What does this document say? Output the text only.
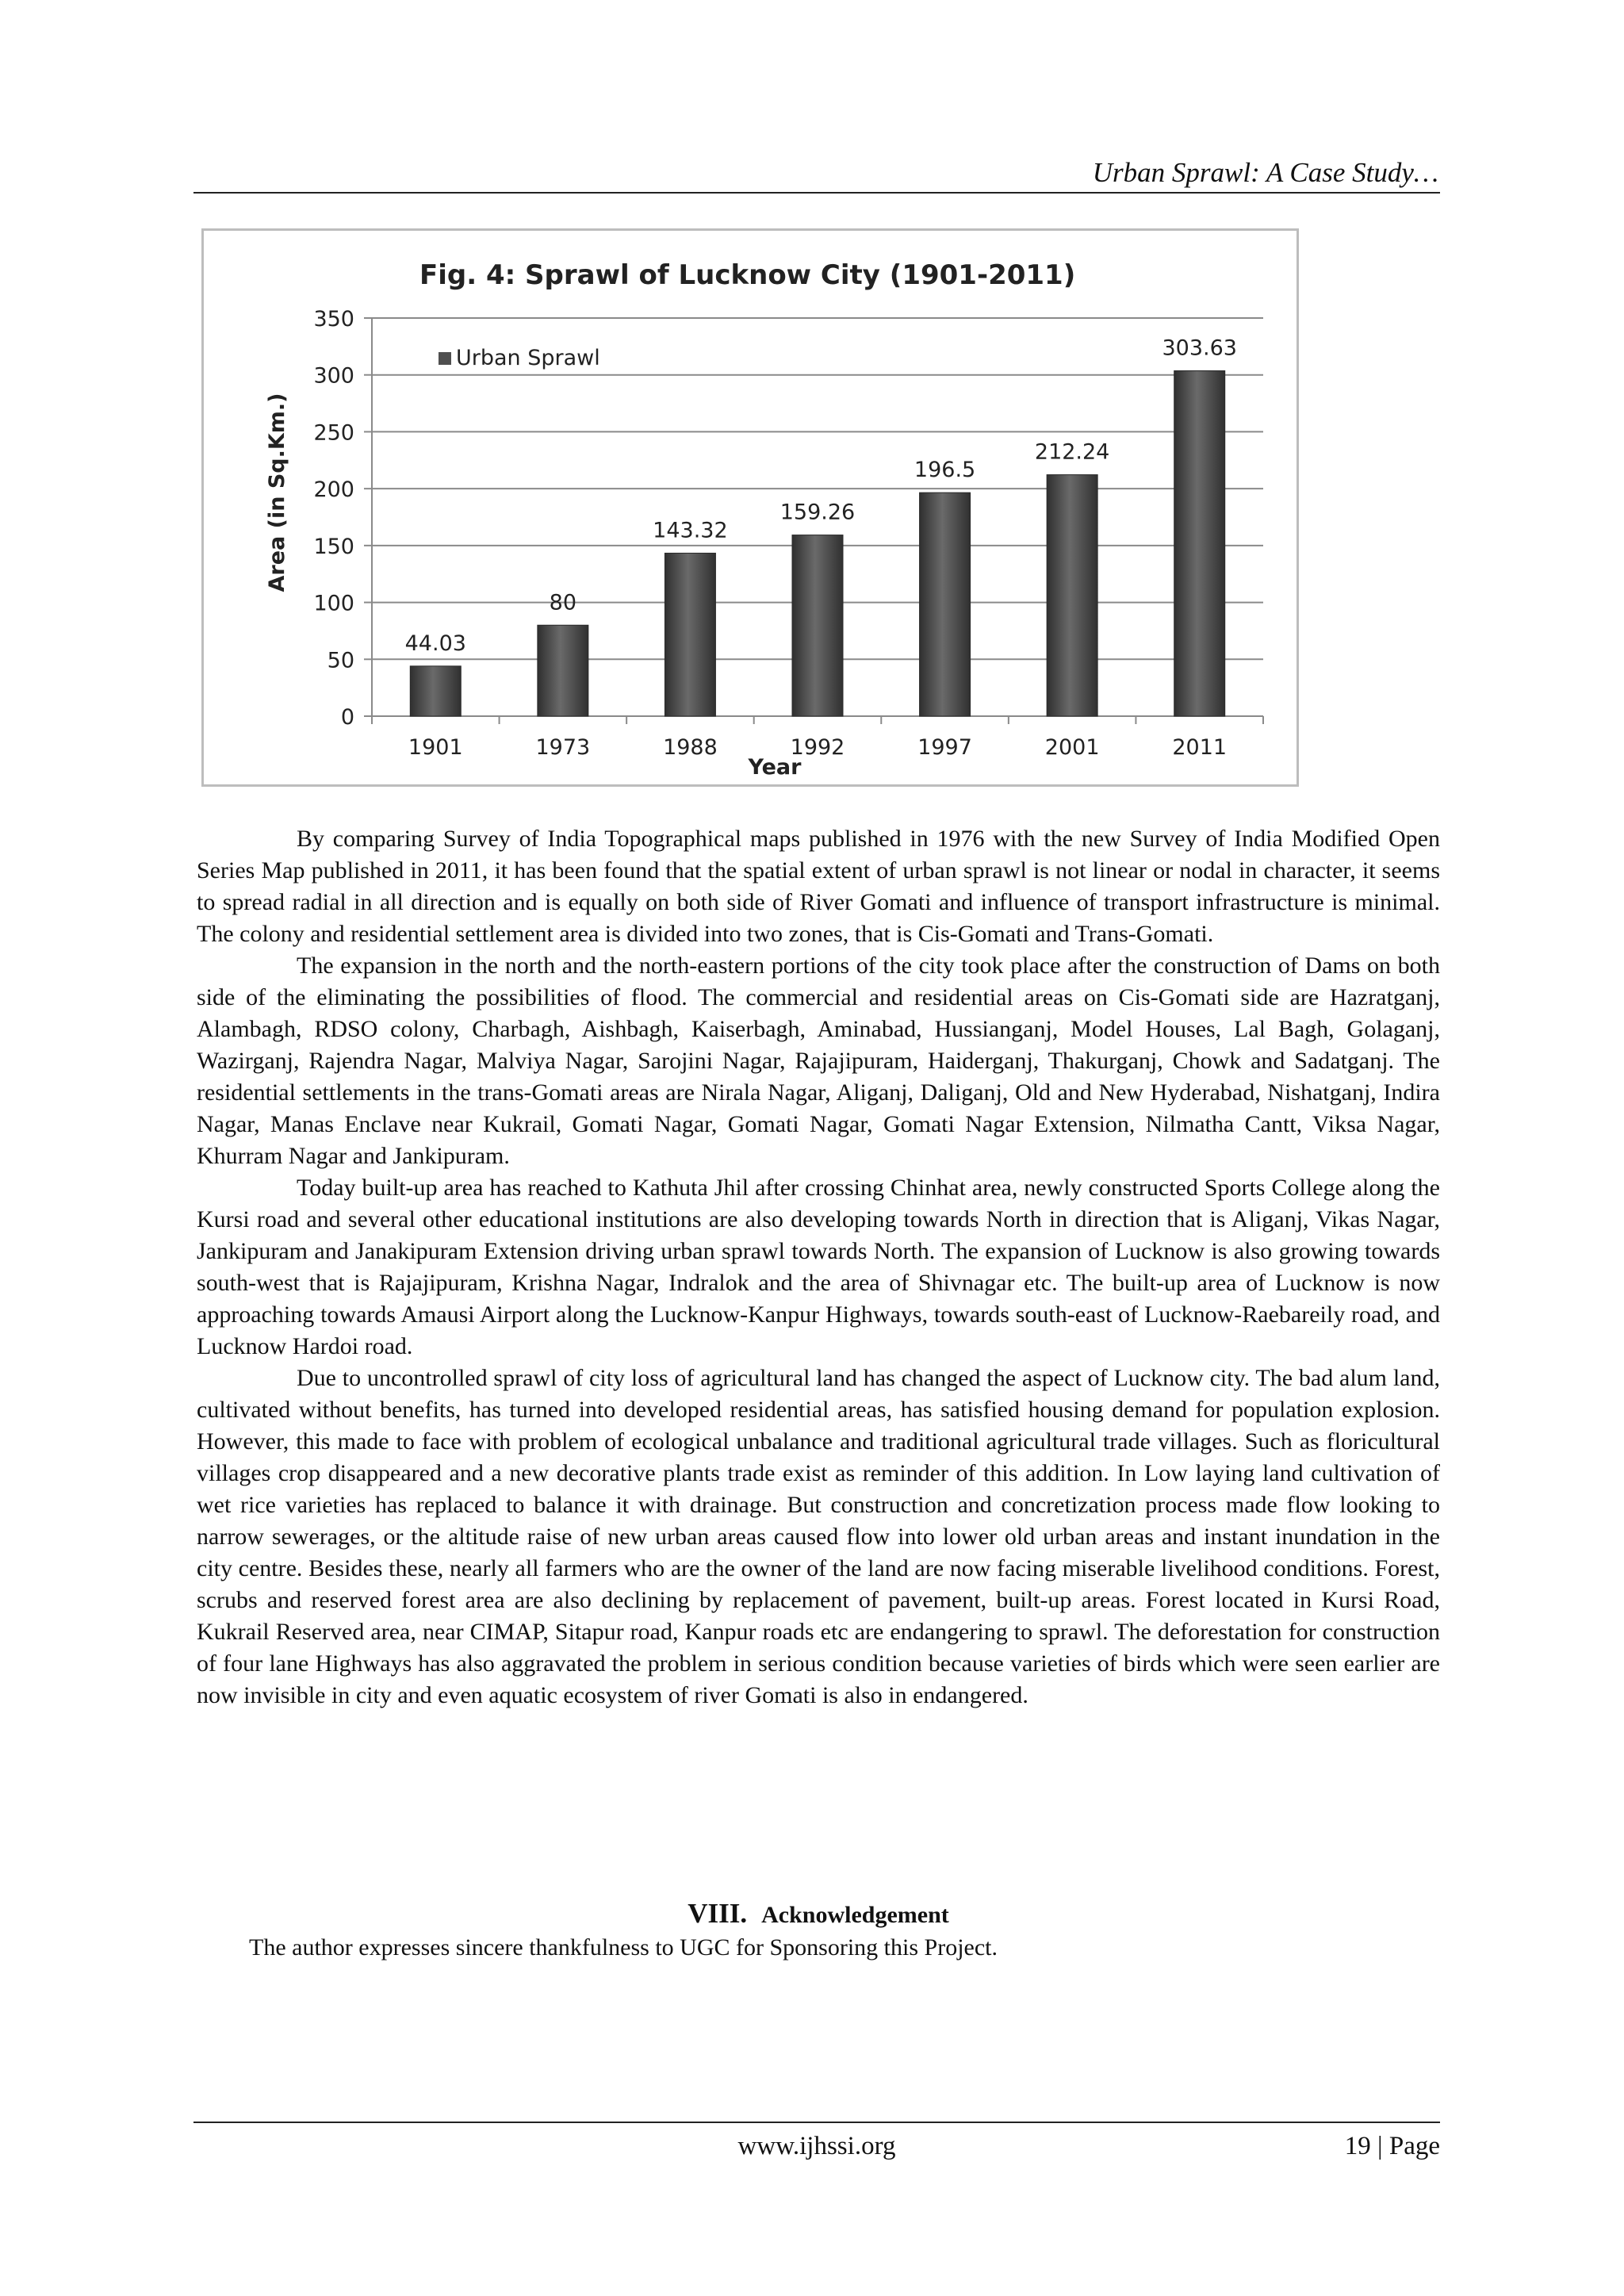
Urban Sprawl: A Case Study…
0
50
100
150
200
250
300
350
44.03
1901
80
1973
143.32
1988
159.26
1992
196.5
1997
212.24
2001
303.63
2011
Fig. 4: Sprawl of Lucknow City (1901-2011)
Urban Sprawl
Area (in Sq.Km.)
Year

By comparing Survey of India Topographical maps published in 1976 with the new Survey of India Modified Open Series Map published in 2011, it has been found that the spatial extent of urban sprawl is not linear or nodal in character, it seems to spread radial in all direction and is equally on both side of River Gomati and influence of transport infrastructure is minimal. The colony and residential settlement area is divided into two zones, that is Cis-Gomati and Trans-Gomati.

The expansion in the north and the north-eastern portions of the city took place after the construction of Dams on both side of the eliminating the possibilities of flood. The commercial and residential areas on Cis-Gomati side are Hazratganj, Alambagh, RDSO colony, Charbagh, Aishbagh, Kaiserbagh, Aminabad, Hussianganj, Model Houses, Lal Bagh, Golaganj, Wazirganj, Rajendra Nagar, Malviya Nagar, Sarojini Nagar, Rajajipuram, Haiderganj, Thakurganj, Chowk and Sadatganj. The residential settlements in the trans-Gomati areas are Nirala Nagar, Aliganj, Daliganj, Old and New Hyderabad, Nishatganj, Indira Nagar, Manas Enclave near Kukrail, Gomati Nagar, Gomati Nagar, Gomati Nagar Extension, Nilmatha Cantt, Viksa Nagar, Khurram Nagar and Jankipuram.

Today built-up area has reached to Kathuta Jhil after crossing Chinhat area, newly constructed Sports College along the Kursi road and several other educational institutions are also developing towards North in direction that is Aliganj, Vikas Nagar, Jankipuram and Janakipuram Extension driving urban sprawl towards North. The expansion of Lucknow is also growing towards south-west that is Rajajipuram, Krishna Nagar, Indralok and the area of Shivnagar etc. The built-up area of Lucknow is now approaching towards Amausi Airport along the Lucknow-Kanpur Highways, towards south-east of Lucknow-Raebareily road, and Lucknow Hardoi road.

Due to uncontrolled sprawl of city loss of agricultural land has changed the aspect of Lucknow city. The bad alum land, cultivated without benefits, has turned into developed residential areas, has satisfied housing demand for population explosion. However, this made to face with problem of ecological unbalance and traditional agricultural trade villages. Such as floricultural villages crop disappeared and a new decorative plants trade exist as reminder of this addition. In Low laying land cultivation of wet rice varieties has replaced to balance it with drainage. But construction and concretization process made flow looking to narrow sewerages, or the altitude raise of new urban areas caused flow into lower old urban areas and instant inundation in the city centre. Besides these, nearly all farmers who are the owner of the land are now facing miserable livelihood conditions. Forest, scrubs and reserved forest area are also declining by replacement of pavement, built-up areas. Forest located in Kursi Road, Kukrail Reserved area, near CIMAP, Sitapur road, Kanpur roads etc are endangering to sprawl. The deforestation for construction of four lane Highways has also aggravated the problem in serious condition because varieties of birds which were seen earlier are now invisible in city and even aquatic ecosystem of river Gomati is also in endangered.

VIII. Acknowledgement
The author expresses sincere thankfulness to UGC for Sponsoring this Project.
www.ijhssi.org	19 | Page
